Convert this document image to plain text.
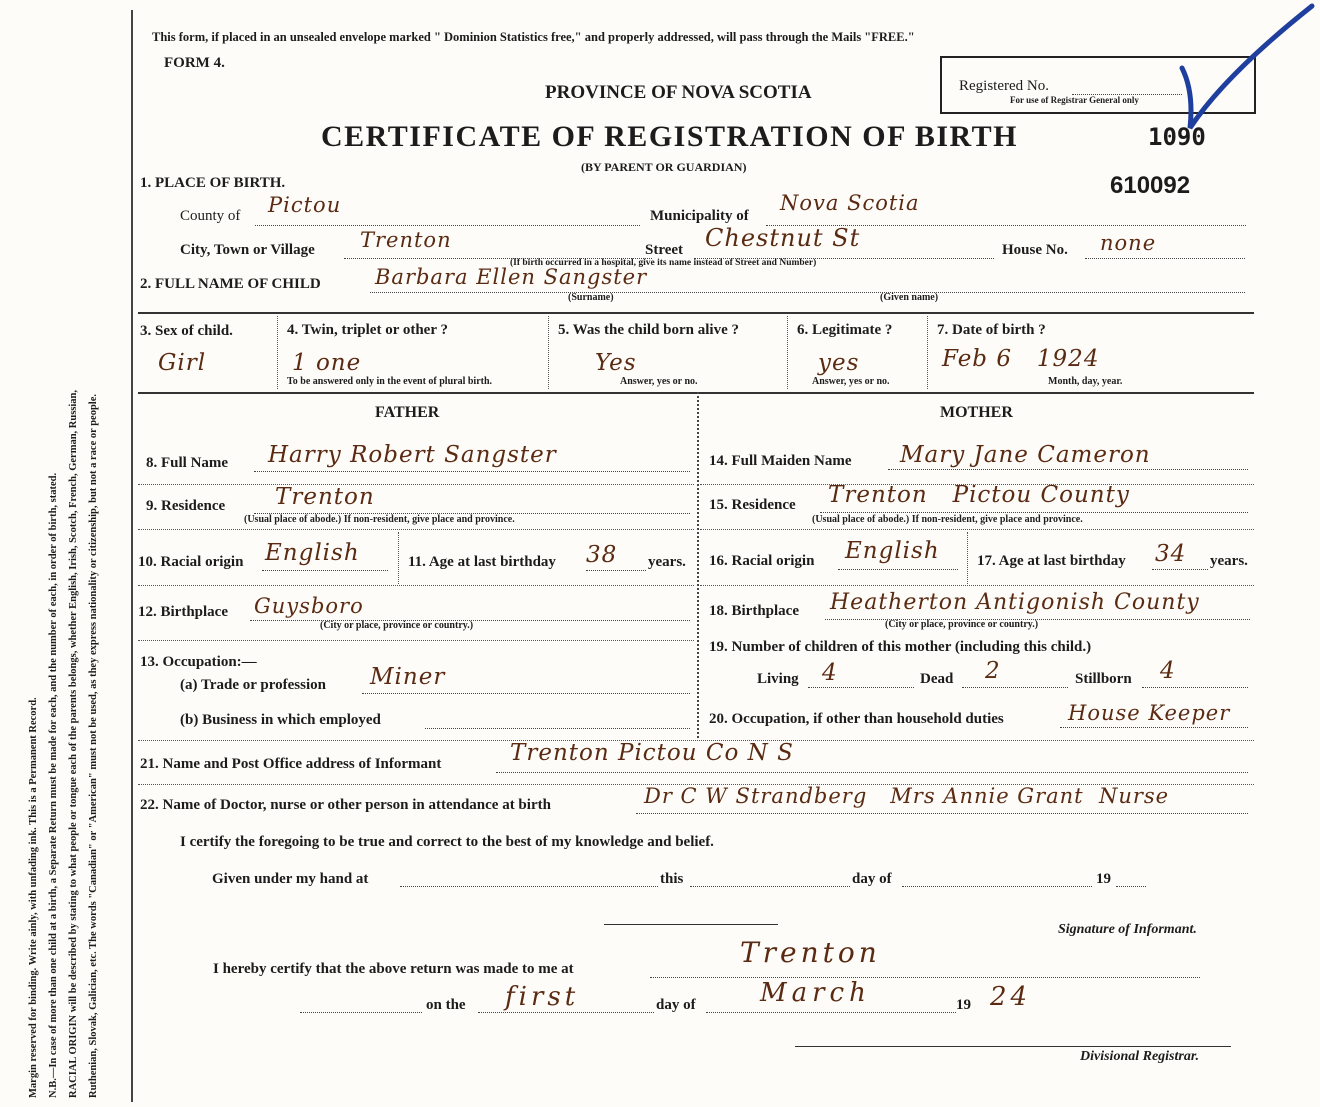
Margin reserved for binding. Write ainly, with unfading ink. This is a Permanent Record. N.B.—In case of more than one child at a birth, a Separate Return must be made for each, and the number of each, in order of birth, stated. RACIAL ORIGIN will be described by stating to what people or tongue each of the parents belongs, whether English, Irish, Scotch, French, German, Russian, Ruthenian, Slovak, Galician, etc. The words "Canadian" or "American" must not be used, as they express nationality or citizenship, but not a race or people.
This form, if placed in an unsealed envelope marked " Dominion Statistics free," and properly addressed, will pass through the Mails "FREE."
FORM 4.
PROVINCE OF NOVA SCOTIA
CERTIFICATE OF REGISTRATION OF BIRTH
(BY PARENT OR GUARDIAN)
1090
610092
Registered No.
For use of Registrar General only
1. PLACE OF BIRTH.
County of Pictou	Municipality of
Nova Scotia
City, Town or Village Trenton	Street Chestnut St	House No. none
(If birth occurred in a hospital, give its name instead of Street and Number)
2. FULL NAME OF CHILD	Barbara Ellen Sangster
(Surname)	(Given name)
3. Sex of child.
Girl
4. Twin, triplet or other ?
1 one
To be answered only in the event of plural birth.
5. Was the child born alive ?
Yes
Answer, yes or no.
6. Legitimate ?
yes
Answer, yes or no.
7. Date of birth ?
Feb 6   1924
Month, day, year.
FATHER
8. Full Name Harry Robert Sangster
9. Residence Trenton
(Usual place of abode.) If non-resident, give place and province.
10. Racial origin English	11. Age at last birthday 38 years.
12. Birthplace Guysboro
(City or place, province or country.)
13. Occupation:—
(a) Trade or profession Miner
(b) Business in which employed
MOTHER
14. Full Maiden Name Mary Jane Cameron
15. Residence Trenton   Pictou County
(Usual place of abode.) If non-resident, give place and province.
16. Racial origin English 17. Age at last birthday 34 years.
18. Birthplace Heatherton Antigonish County
(City or place, province or country.)
19. Number of children of this mother (including this child.)
Living 4	Dead 2	Stillborn 4
20. Occupation, if other than household duties	House Keeper
21. Name and Post Office address of Informant	Trenton Pictou Co N S
22. Name of Doctor, nurse or other person in attendance at birth	Dr C W Strandberg   Mrs Annie Grant  Nurse
I certify the foregoing to be true and correct to the best of my knowledge and belief.
Given under my hand at	this	day of	19
Signature of Informant.
I hereby certify that the above return was made to me at	Trenton
on the first	day of March	19 24
Divisional Registrar.
